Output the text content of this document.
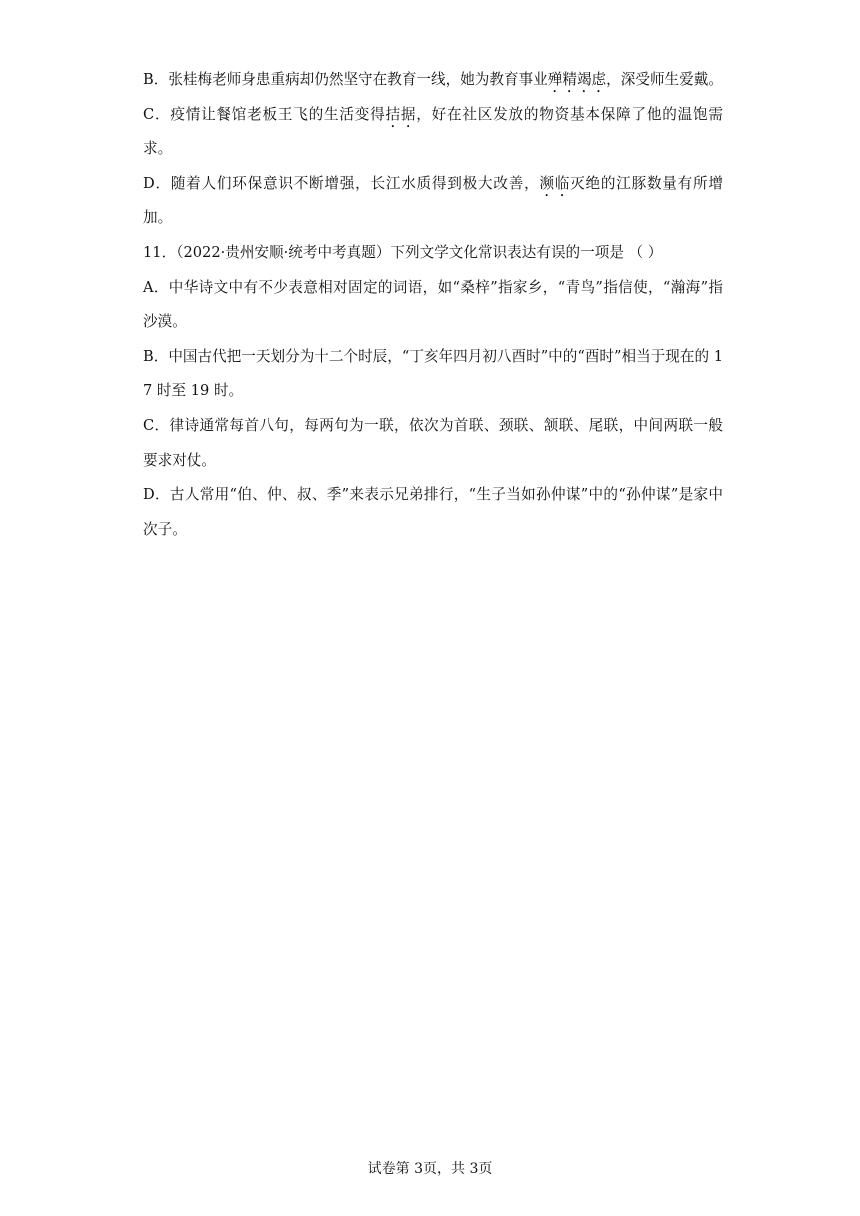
B．张桂梅老师身患重病却仍然坚守在教育一线，她为教育事业殚精竭虑，深受师生爱戴。
C．疫情让餐馆老板王飞的生活变得拮据，好在社区发放的物资基本保障了他的温饱需求。
D．随着人们环保意识不断增强，长江水质得到极大改善，濒临灭绝的江豚数量有所增加。
11．（2022·贵州安顺·统考中考真题）下列文学文化常识表达有误的一项是 （ ）
A．中华诗文中有不少表意相对固定的词语，如“桑梓”指家乡，“青鸟”指信使，“瀚海”指沙漠。
B．中国古代把一天划分为十二个时辰，“丁亥年四月初八酉时”中的“酉时”相当于现在的 17 时至 19 时。
C．律诗通常每首八句，每两句为一联，依次为首联、颈联、颔联、尾联，中间两联一般要求对仗。
D．古人常用“伯、仲、叔、季”来表示兄弟排行，“生子当如孙仲谋”中的“孙仲谋”是家中次子。
试卷第 3页，共 3页
